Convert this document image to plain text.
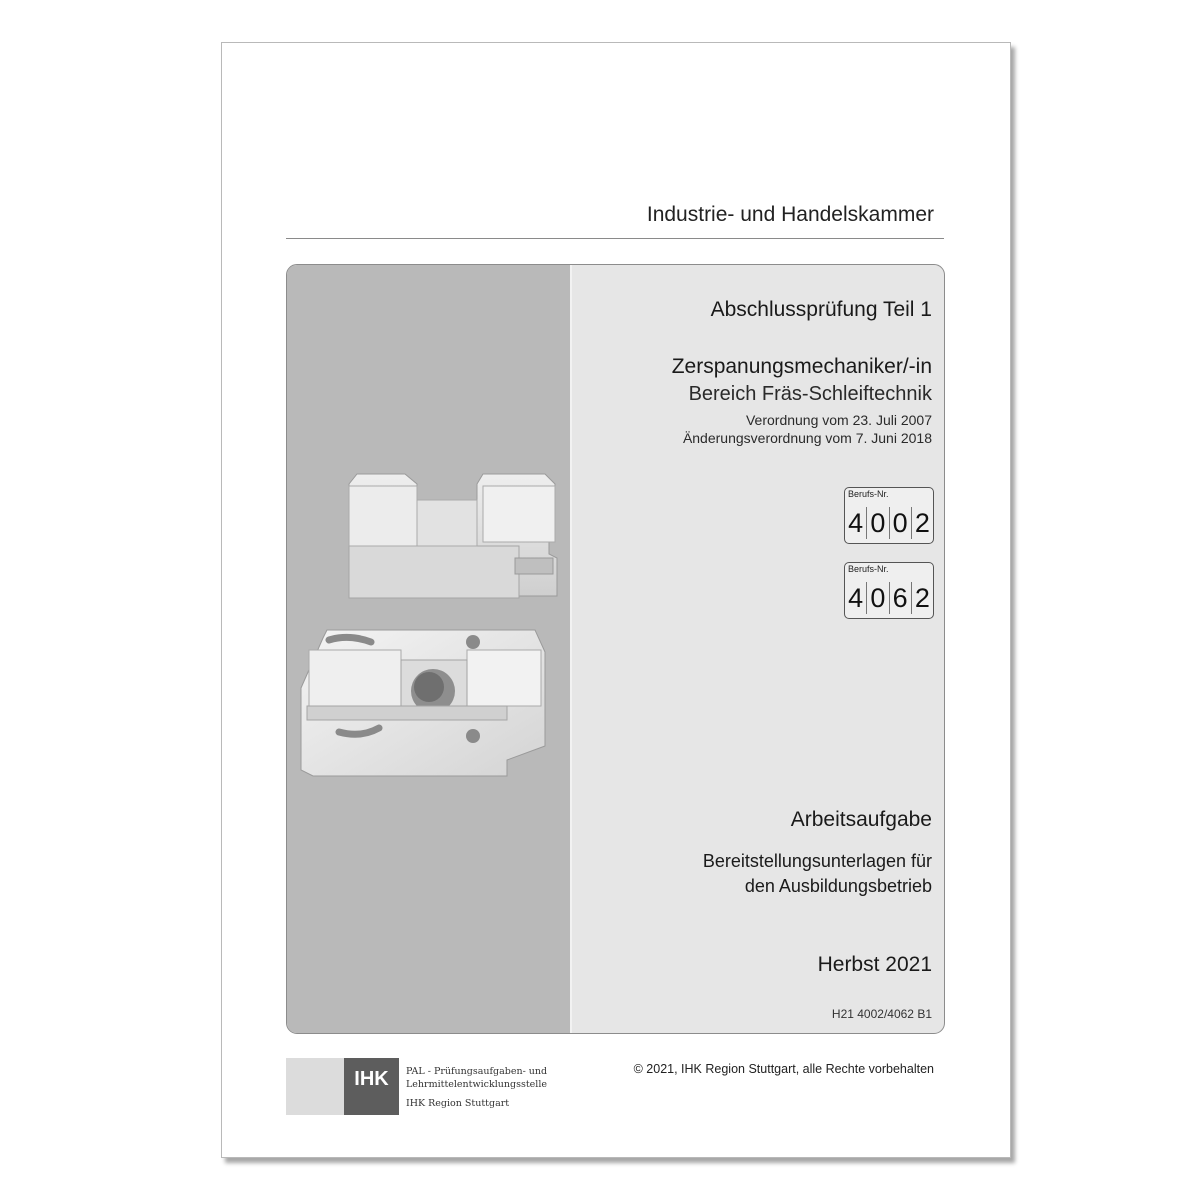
Industrie- und Handelskammer
Abschlussprüfung Teil 1
Zerspanungsmechaniker/-in
Bereich Fräs-Schleiftechnik
Verordnung vom 23. Juli 2007
Änderungsverordnung vom 7. Juni 2018
Arbeitsaufgabe
Bereitstellungsunterlagen für
den Ausbildungsbetrieb
Herbst 2021
H21 4002/4062 B1
Berufs-Nr.
4 0 0 2
Berufs-Nr.
4 0 6 2
IHK	PAL - Prüfungsaufgaben- und
Lehrmittelentwicklungsstelle
IHK Region Stuttgart
© 2021, IHK Region Stuttgart, alle Rechte vorbehalten
